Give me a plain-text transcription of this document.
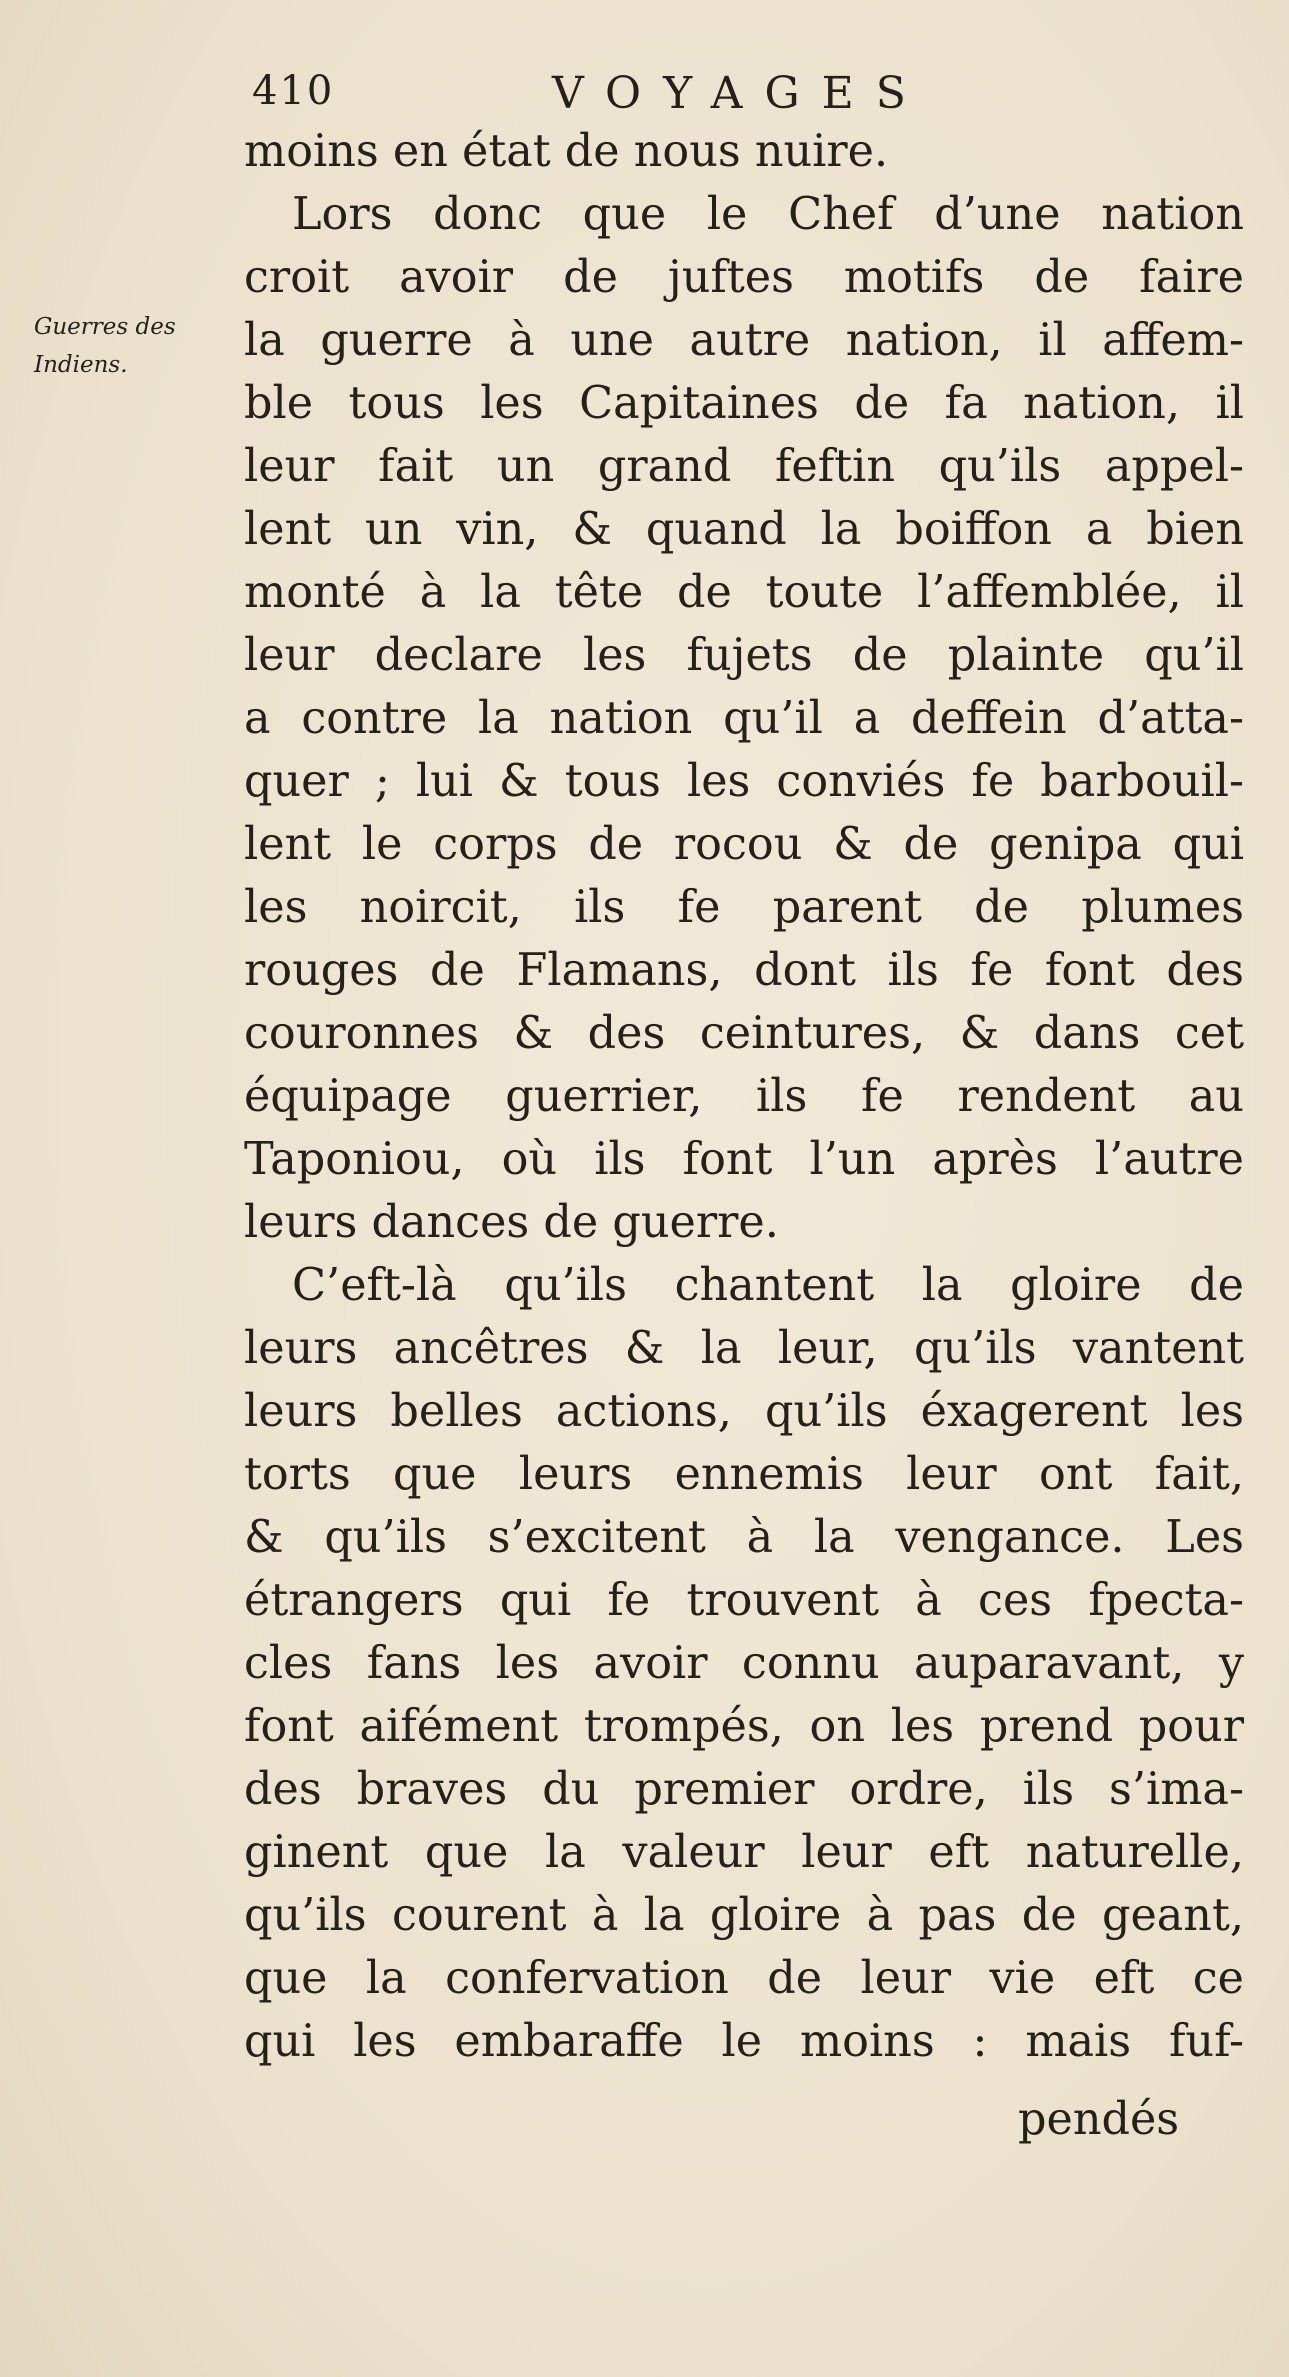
410	VOYAGES
Guerres des
Indiens.
moins en état de nous nuire.
Lors donc que le Chef d’une nation
croit avoir de juftes motifs de faire
la guerre à une autre nation, il affem-
ble tous les Capitaines de fa nation, il
leur fait un grand feftin qu’ils appel-
lent un vin, & quand la boiffon a bien
monté à la tête de toute l’affemblée, il
leur declare les fujets de plainte qu’il
a contre la nation qu’il a deffein d’atta-
quer ; lui & tous les conviés fe barbouil-
lent le corps de rocou & de genipa qui
les noircit, ils fe parent de plumes
rouges de Flamans, dont ils fe font des
couronnes & des ceintures, & dans cet
équipage guerrier, ils fe rendent au
Taponiou, où ils font l’un après l’autre
leurs dances de guerre.
C’eft-là qu’ils chantent la gloire de
leurs ancêtres & la leur, qu’ils vantent
leurs belles actions, qu’ils éxagerent les
torts que leurs ennemis leur ont fait,
& qu’ils s’excitent à la vengance. Les
étrangers qui fe trouvent à ces fpecta-
cles fans les avoir connu auparavant, y
font aifément trompés, on les prend pour
des braves du premier ordre, ils s’ima-
ginent que la valeur leur eft naturelle,
qu’ils courent à la gloire à pas de geant,
que la confervation de leur vie eft ce
qui les embaraffe le moins : mais fuf-
pendés
